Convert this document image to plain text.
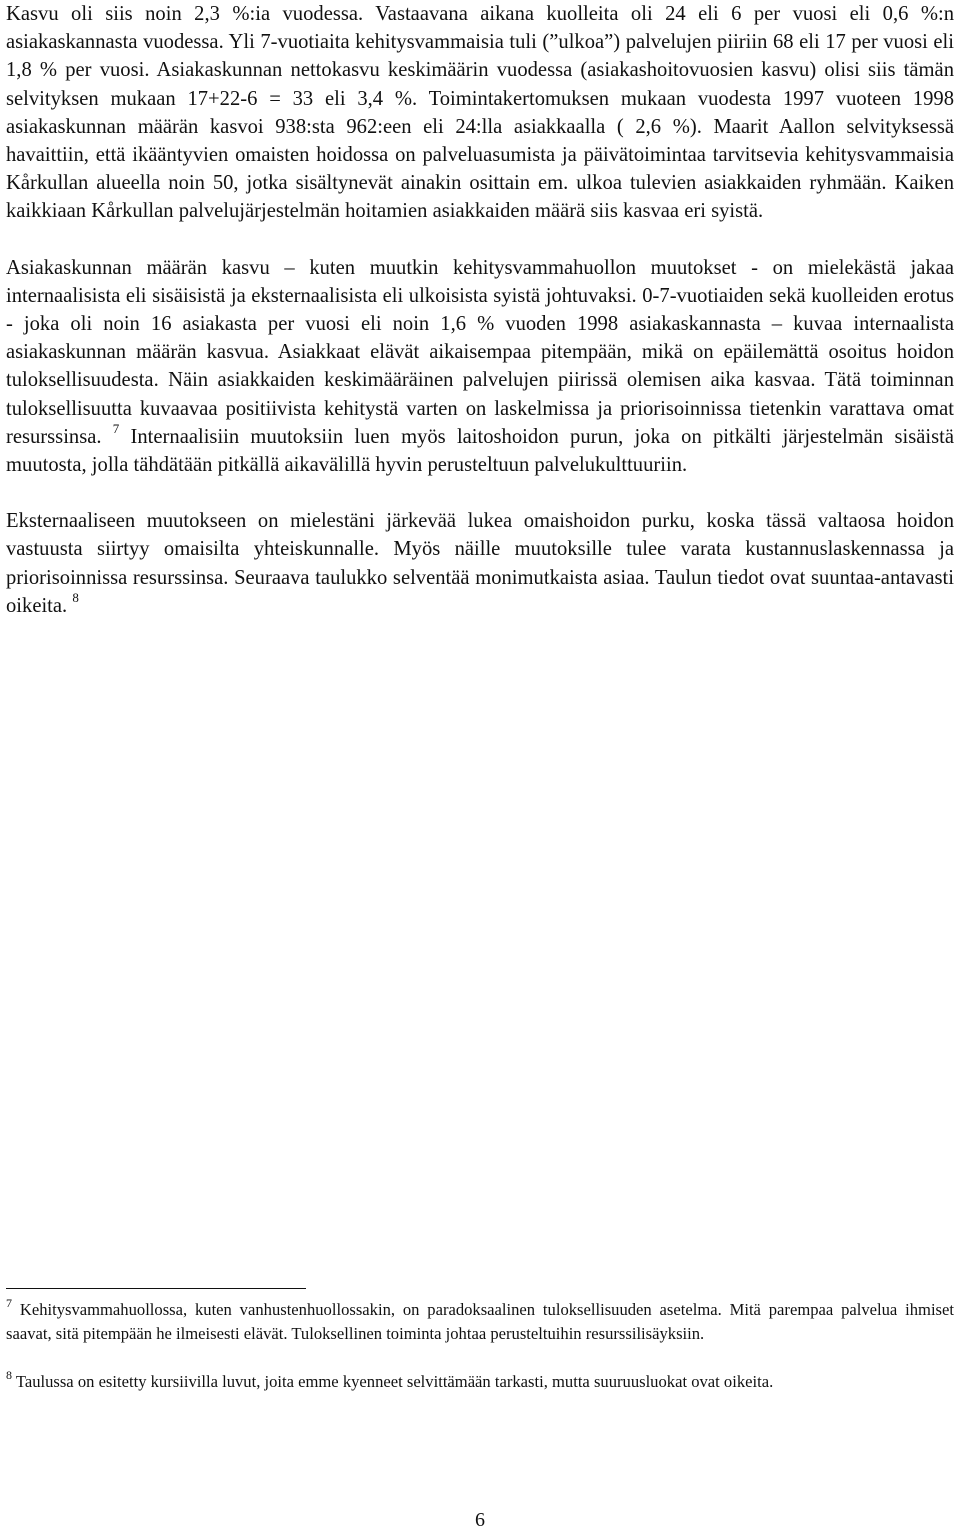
Kasvu oli siis noin 2,3 %:ia vuodessa. Vastaavana aikana kuolleita oli 24 eli 6 per vuosi eli 0,6 %:n asiakaskannasta vuodessa. Yli 7-vuotiaita kehitysvammaisia tuli (”ulkoa”) palvelujen piiriin 68 eli 17 per vuosi eli 1,8 % per vuosi. Asiakaskunnan nettokasvu keskimäärin vuodessa (asiakashoitovuosien kasvu) olisi siis tämän selvityksen mukaan 17+22-6 = 33 eli 3,4 %. Toimintakertomuksen mukaan vuodesta 1997 vuoteen 1998 asiakaskunnan määrän kasvoi 938:sta 962:een eli 24:lla asiakkaalla ( 2,6 %). Maarit Aallon selvityksessä havaittiin, että ikääntyvien omaisten hoidossa on palveluasumista ja päivätoimintaa tarvitsevia kehitysvammaisia Kårkullan alueella noin 50, jotka sisältynevät ainakin osittain em. ulkoa tulevien asiakkaiden ryhmään. Kaiken kaikkiaan Kårkullan palvelujärjestelmän hoitamien asiakkaiden määrä siis kasvaa eri syistä.

Asiakaskunnan määrän kasvu – kuten muutkin kehitysvammahuollon muutokset - on mielekästä jakaa internaalisista eli sisäisistä ja eksternaalisista eli ulkoisista syistä johtuvaksi. 0-7-vuotiaiden sekä kuolleiden erotus - joka oli noin 16 asiakasta per vuosi eli noin 1,6 % vuoden 1998 asiakaskannasta – kuvaa internaalista asiakaskunnan määrän kasvua. Asiakkaat elävät aikaisempaa pitempään, mikä on epäilemättä osoitus hoidon tuloksellisuudesta. Näin asiakkaiden keskimääräinen palvelujen piirissä olemisen aika kasvaa. Tätä toiminnan tuloksellisuutta kuvaavaa positiivista kehitystä varten on laskelmissa ja priorisoinnissa tietenkin varattava omat resurssinsa. $^7$ Internaalisiin muutoksiin luen myös laitoshoidon purun, joka on pitkälti järjestelmän sisäistä muutosta, jolla tähdätään pitkällä aikavälillä hyvin perusteltuun palvelukulttuuriin.

Eksternaaliseen muutokseen on mielestäni järkevää lukea omaishoidon purku, koska tässä valtaosa hoidon vastuusta siirtyy omaisilta yhteiskunnalle. Myös näille muutoksille tulee varata kustannuslaskennassa ja priorisoinnissa resurssinsa. Seuraava taulukko selventää monimutkaista asiaa. Taulun tiedot ovat suuntaa-antavasti oikeita. $^8$

$^7$ Kehitysvammahuollossa, kuten vanhustenhuollossakin, on paradoksaalinen tuloksellisuuden asetelma. Mitä parempaa palvelua ihmiset saavat, sitä pitempään he ilmeisesti elävät. Tuloksellinen toiminta johtaa perusteltuihin resurssilisäyksiin.

$^8$ Taulussa on esitetty kursiivilla luvut, joita emme kyenneet selvittämään tarkasti, mutta suuruusluokat ovat oikeita.

6
